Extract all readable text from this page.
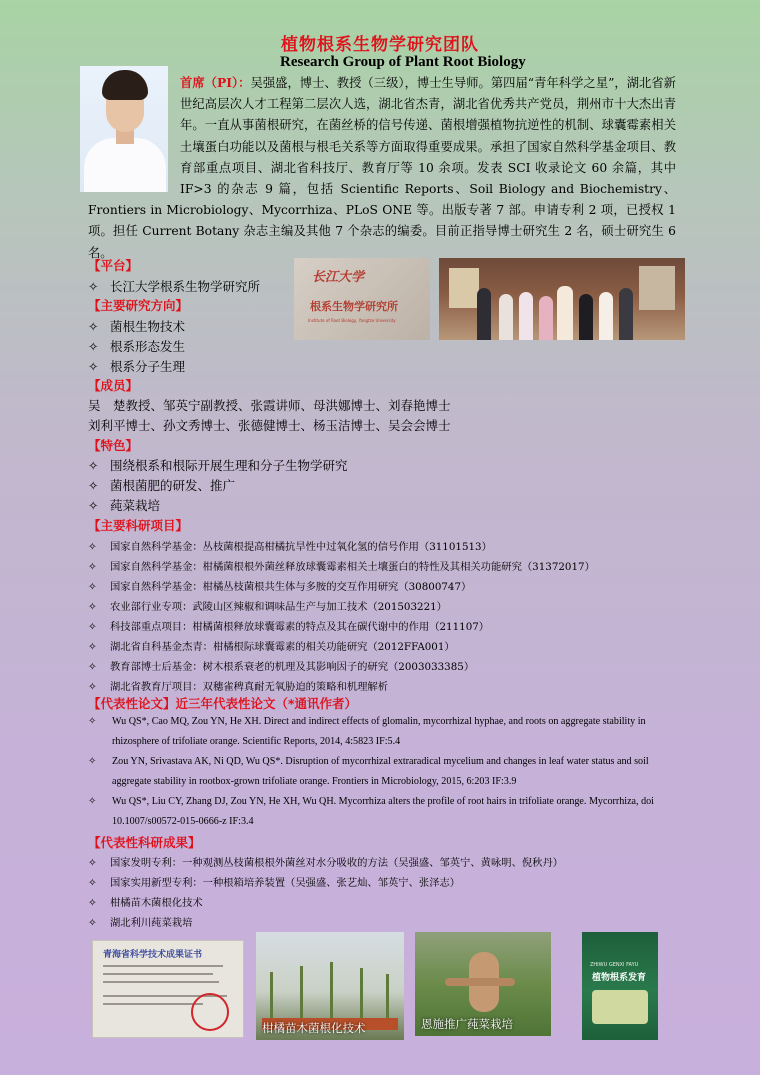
植物根系生物学研究团队
Research Group of Plant Root Biology
首席（PI）：吴强盛，博士、教授（三级），博士生导师。第四届“青年科学之星”，湖北省新世纪高层次人才工程第二层次人选，湖北省杰青，湖北省优秀共产党员，荆州市十大杰出青年。一直从事菌根研究，在菌丝桥的信号传递、菌根增强植物抗逆性的机制、球囊霉素相关土壤蛋白功能以及菌根与根毛关系等方面取得重要成果。承担了国家自然科学基金项目、教育部重点项目、湖北省科技厅、教育厅等 10 余项。发表 SCI 收录论文 60 余篇，其中 IF>3 的杂志 9 篇，包括 Scientific Reports、Soil Biology and Biochemistry、Frontiers in Microbiology、Mycorrhiza、PLoS ONE 等。出版专著 7 部。申请专利 2 项，已授权 1 项。担任 Current Botany 杂志主编及其他 7 个杂志的编委。目前正指导博士研究生 2 名，硕士研究生 6 名。
【平台】
✧ 长江大学根系生物学研究所
长江大学
根系生物学研究所
Institute of Root Biology, Yangtze University
【主要研究方向】
✧ 菌根生物技术
✧ 根系形态发生
✧ 根系分子生理
【成员】
吴　楚教授、邹英宁副教授、张霞讲师、母洪娜博士、刘春艳博士
刘利平博士、孙文秀博士、张德健博士、杨玉洁博士、吴会会博士
【特色】
✧ 围绕根系和根际开展生理和分子生物学研究
✧ 菌根菌肥的研发、推广
✧ 莼菜栽培
【主要科研项目】
✧ 国家自然科学基金：丛枝菌根提高柑橘抗旱性中过氧化氢的信号作用（31101513）
✧ 国家自然科学基金：柑橘菌根根外菌丝释放球囊霉素相关土壤蛋白的特性及其相关功能研究（31372017）
✧ 国家自然科学基金：柑橘丛枝菌根共生体与多胺的交互作用研究（30800747）
✧ 农业部行业专项：武陵山区辣椒和调味品生产与加工技术（201503221）
✧ 科技部重点项目：柑橘菌根释放球囊霉素的特点及其在碳代谢中的作用（211107）
✧ 湖北省自科基金杰青：柑橘根际球囊霉素的相关功能研究（2012FFA001）
✧ 教育部博士后基金：树木根系衰老的机理及其影响因子的研究（2003033385）
✧ 湖北省教育厅项目：双穗雀稗真耐无氧胁迫的策略和机理解析
【代表性论文】近三年代表性论文（*通讯作者）
✧	Wu QS*, Cao MQ, Zou YN, He XH. Direct and indirect effects of glomalin, mycorrhizal hyphae, and roots on aggregate stability in rhizosphere of trifoliate orange. Scientific Reports, 2014, 4:5823 IF:5.4
✧	Zou YN, Srivastava AK, Ni QD, Wu QS*. Disruption of mycorrhizal extraradical mycelium and changes in leaf water status and soil aggregate stability in rootbox-grown trifoliate orange. Frontiers in Microbiology, 2015, 6:203 IF:3.9
✧	Wu QS*, Liu CY, Zhang DJ, Zou YN, He XH, Wu QH. Mycorrhiza alters the profile of root hairs in trifoliate orange. Mycorrhiza, doi 10.1007/s00572-015-0666-z IF:3.4
【代表性科研成果】
✧ 国家发明专利：一种观测丛枝菌根根外菌丝对水分吸收的方法（吴强盛、邹英宁、黄咏明、倪秋丹）
✧ 国家实用新型专利：一种根箱培养装置（吴强盛、张艺灿、邹英宁、张泽志）
✧ 柑橘苗木菌根化技术
✧ 湖北利川莼菜栽培
青海省科学技术成果证书
柑橘苗木菌根化技术	恩施推广莼菜栽培
ZHIWU GENXI FAYU
植物根系发育
